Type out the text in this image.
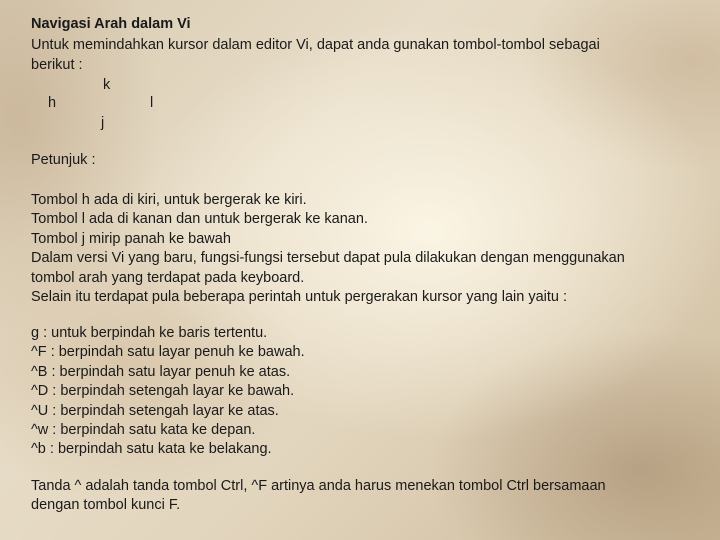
Navigasi Arah dalam Vi
Untuk memindahkan kursor dalam editor Vi, dapat anda gunakan tombol-tombol sebagai
berikut :
k
h	l
j
Petunjuk :
Tombol h ada di kiri, untuk bergerak ke kiri.
Tombol l ada di kanan dan untuk bergerak ke kanan.
Tombol j mirip panah ke bawah
Dalam versi Vi yang baru, fungsi-fungsi tersebut dapat pula dilakukan dengan menggunakan
tombol arah yang terdapat pada keyboard.
Selain itu terdapat pula beberapa perintah untuk pergerakan kursor yang lain yaitu :
g : untuk berpindah ke baris tertentu.
^F : berpindah satu layar penuh ke bawah.
^B : berpindah satu layar penuh ke atas.
^D : berpindah setengah layar ke bawah.
^U : berpindah setengah layar ke atas.
^w : berpindah satu kata ke depan.
^b : berpindah satu kata ke belakang.
Tanda ^ adalah tanda tombol Ctrl, ^F artinya anda harus menekan tombol Ctrl bersamaan
dengan tombol kunci F.
